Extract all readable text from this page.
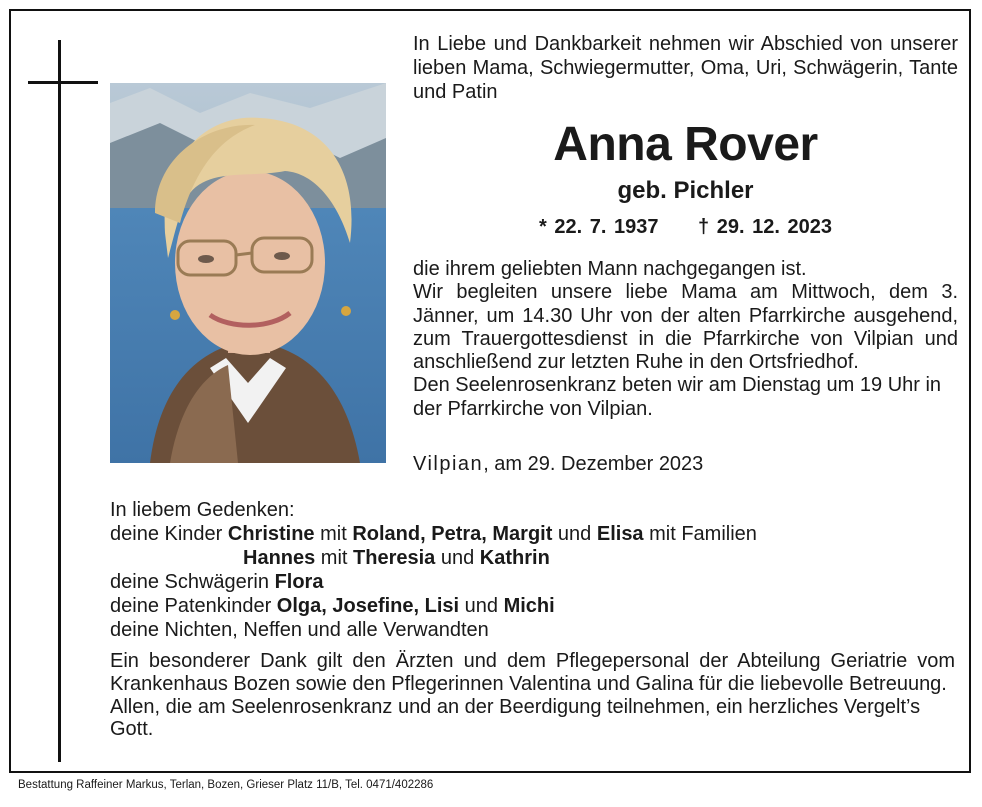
In Liebe und Dankbarkeit nehmen wir Abschied von unserer lieben Mama, Schwiegermutter, Oma, Uri, Schwägerin, Tante und Patin

Anna Rover

geb. Pichler

* 22. 7. 1937 † 29. 12. 2023

die ihrem geliebten Mann nachgegangen ist.

Wir begleiten unsere liebe Mama am Mittwoch, dem 3. Jänner, um 14.30 Uhr von der alten Pfarrkirche ausgehend, zum Trauergottesdienst in die Pfarrkirche von Vilpian und anschließend zur letzten Ruhe in den Ortsfriedhof.

Den Seelenrosenkranz beten wir am Dienstag um 19 Uhr in der Pfarrkirche von Vilpian.

Vilpian, am 29. Dezember 2023

In liebem Gedenken:
deine Kinder Christine mit Roland, Petra, Margit und Elisa mit Familien
Hannes mit Theresia und Kathrin
deine Schwägerin Flora
deine Patenkinder Olga, Josefine, Lisi und Michi
deine Nichten, Neffen und alle Verwandten

Ein besonderer Dank gilt den Ärzten und dem Pflegepersonal der Abteilung Geriatrie vom Krankenhaus Bozen sowie den Pflegerinnen Valentina und Galina für die liebevolle Betreuung.

Allen, die am Seelenrosenkranz und an der Beerdigung teilnehmen, ein herzliches Vergelt’s Gott.

Bestattung Raffeiner Markus, Terlan, Bozen, Grieser Platz 11/B, Tel. 0471/402286
